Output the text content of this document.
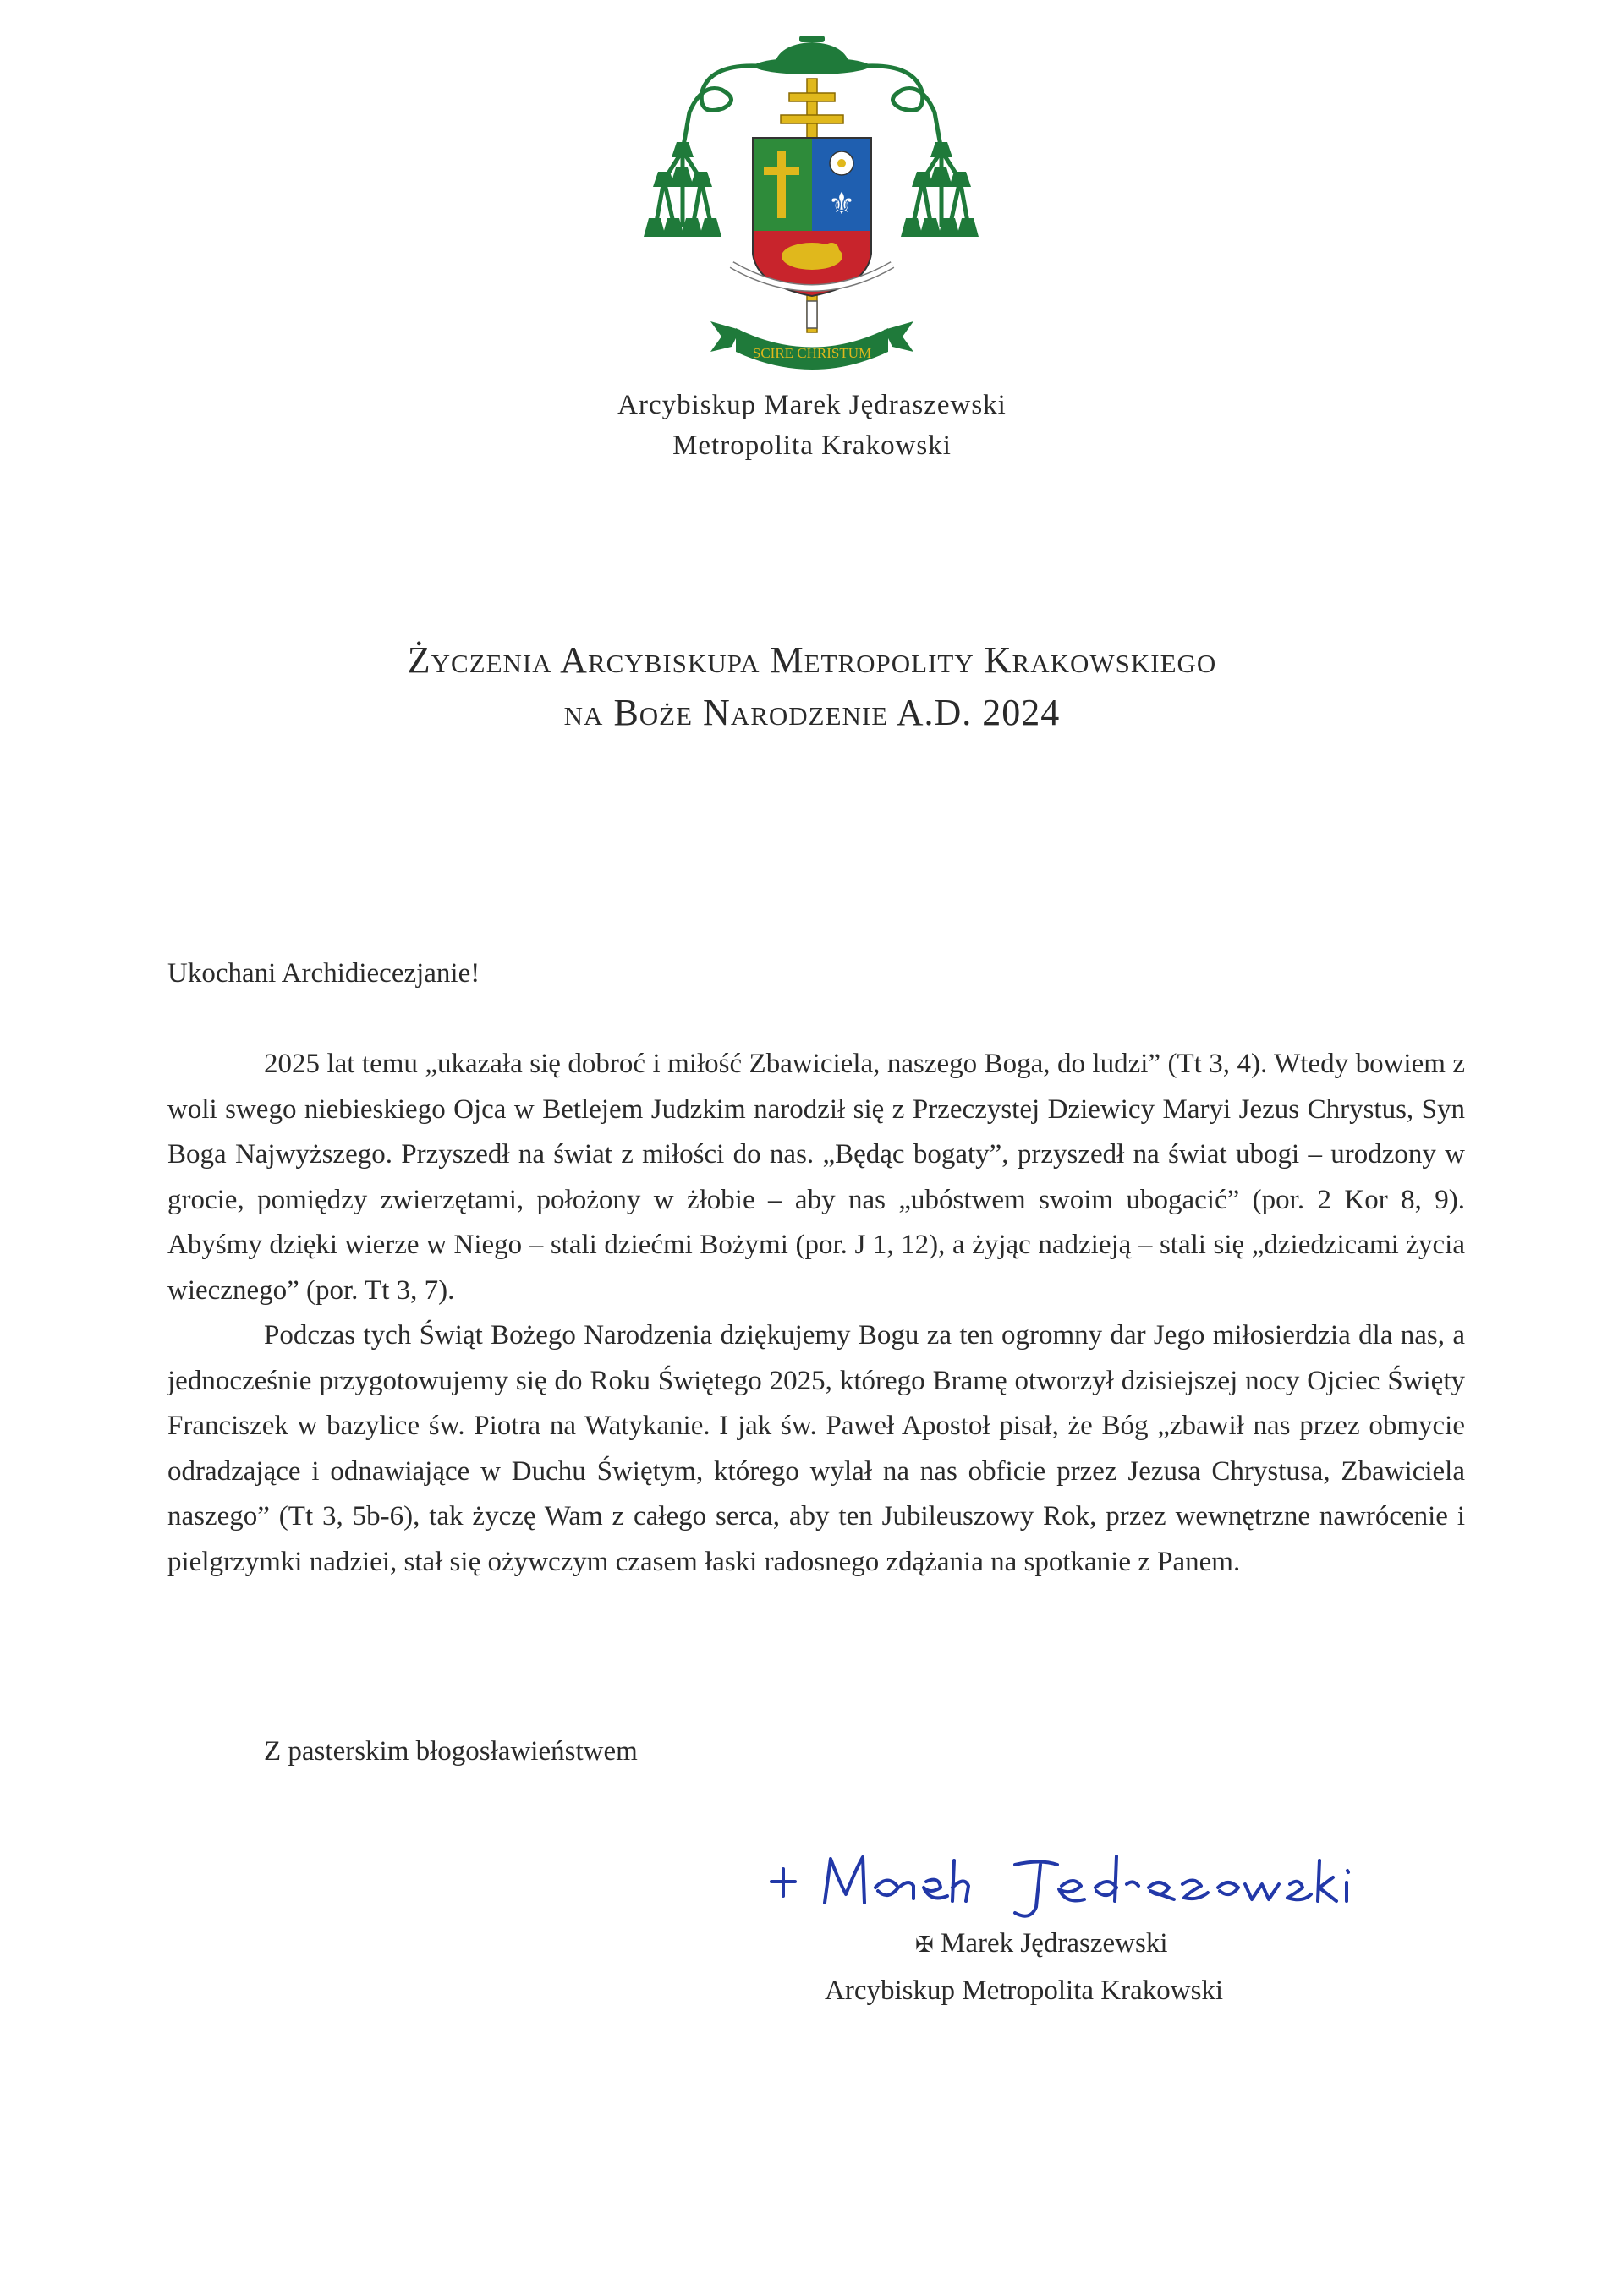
⚜
SCIRE CHRISTUM
Arcybiskup Marek Jędraszewski
Metropolita Krakowski
Życzenia Arcybiskupa Metropolity Krakowskiego
na Boże Narodzenie A.D. 2024
Ukochani Archidiecezjanie!

2025 lat temu „ukazała się dobroć i miłość Zbawiciela, naszego Boga, do ludzi” (Tt 3, 4). Wtedy bowiem z woli swego niebieskiego Ojca w Betlejem Judzkim narodził się z Przeczystej Dziewicy Maryi Jezus Chrystus, Syn Boga Najwyższego. Przyszedł na świat z miłości do nas. „Będąc bogaty”, przyszedł na świat ubogi – urodzony w grocie, pomiędzy zwierzętami, położony w żłobie – aby nas „ubóstwem swoim ubogacić” (por. 2 Kor 8, 9). Abyśmy dzięki wierze w Niego – stali dziećmi Bożymi (por. J 1, 12), a żyjąc nadzieją – stali się „dziedzicami życia wiecznego” (por. Tt 3, 7).

Podczas tych Świąt Bożego Narodzenia dziękujemy Bogu za ten ogromny dar Jego miłosierdzia dla nas, a jednocześnie przygotowujemy się do Roku Świętego 2025, którego Bramę otworzył dzisiejszej nocy Ojciec Święty Franciszek w bazylice św. Piotra na Watykanie. I jak św. Paweł Apostoł pisał, że Bóg „zbawił nas przez obmycie odradzające i odnawiające w Duchu Świętym, którego wylał na nas obficie przez Jezusa Chrystusa, Zbawiciela naszego” (Tt 3, 5b-6), tak życzę Wam z całego serca, aby ten Jubileuszowy Rok, przez wewnętrzne nawrócenie i pielgrzymki nadziei, stał się ożywczym czasem łaski radosnego zdążania na spotkanie z Panem.

Z pasterskim błogosławieństwem
✠ Marek Jędraszewski
Arcybiskup Metropolita Krakowski
